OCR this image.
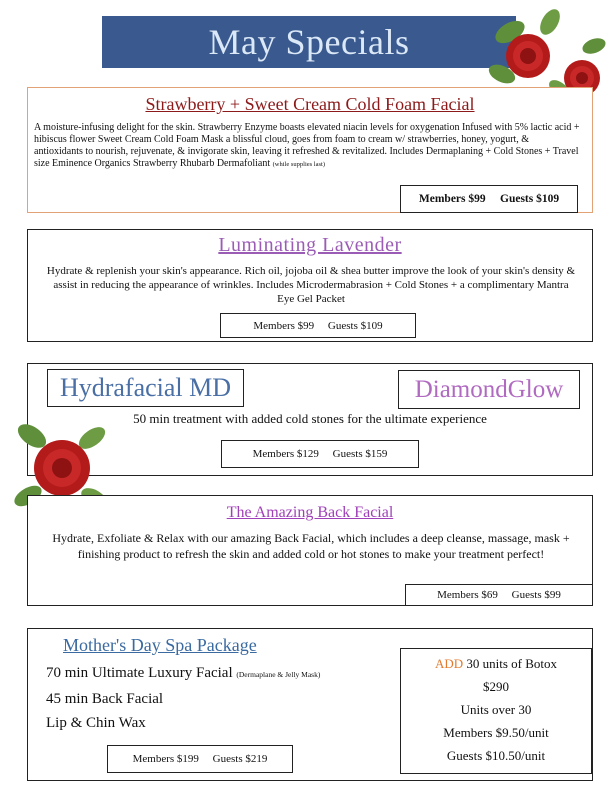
May Specials
Strawberry + Sweet Cream Cold Foam Facial
A moisture-infusing delight for the skin. Strawberry Enzyme boasts elevated niacin levels for oxygenation Infused with 5% lactic acid + hibiscus flower Sweet Cream Cold Foam Mask a blissful cloud, goes from foam to cream w/ strawberries, honey, yogurt, & antioxidants to nourish, rejuvenate, & invigorate skin, leaving it refreshed & revitalized. Includes Dermaplaning + Cold Stones + Travel size Eminence Organics Strawberry Rhubarb Dermafoliant (while supplies last)
Members $99     Guests $109
Luminating Lavender
Hydrate & replenish your skin's appearance. Rich oil, jojoba oil & shea butter improve the look of your skin's density & assist in reducing the appearance of wrinkles. Includes Microdermabrasion + Cold Stones + a complimentary Mantra Eye Gel Packet
Members $99     Guests $109
Hydrafacial MD	DiamondGlow
50 min treatment with added cold stones for the ultimate experience
Members $129     Guests $159
The Amazing Back Facial
Hydrate, Exfoliate & Relax with our amazing Back Facial, which includes a deep cleanse, massage, mask + finishing product to refresh the skin and added cold or hot stones to make your treatment perfect!
Members $69     Guests $99
Mother's Day Spa Package
70 min Ultimate Luxury Facial (Dermaplane & Jelly Mask)
45 min Back Facial
Lip & Chin Wax
Members $199     Guests $219
ADD 30 units of Botox
$290
Units over 30
Members $9.50/unit
Guests $10.50/unit
